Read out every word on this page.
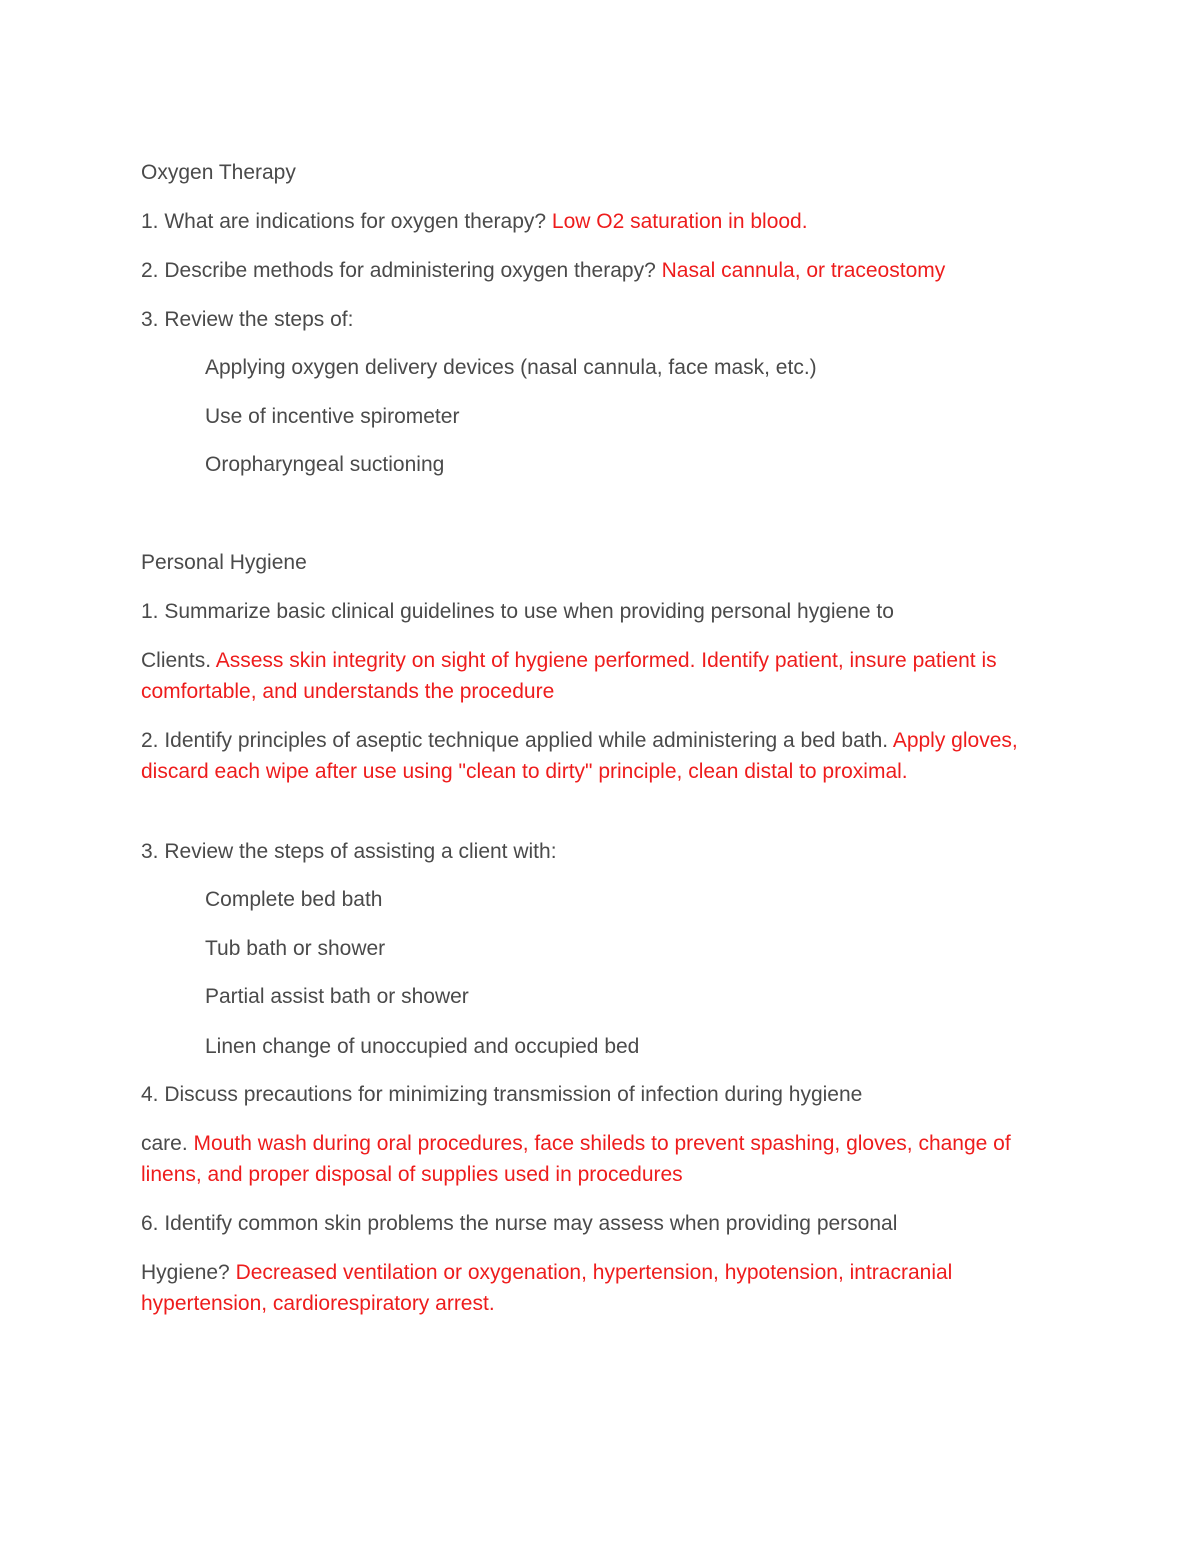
Oxygen Therapy
1. What are indications for oxygen therapy? Low O2 saturation in blood.
2. Describe methods for administering oxygen therapy? Nasal cannula, or traceostomy
3. Review the steps of:
Applying oxygen delivery devices (nasal cannula, face mask, etc.)
Use of incentive spirometer
Oropharyngeal suctioning
Personal Hygiene
1. Summarize basic clinical guidelines to use when providing personal hygiene to
Clients. Assess skin integrity on sight of hygiene performed. Identify patient, insure patient is comfortable, and understands the procedure
2. Identify principles of aseptic technique applied while administering a bed bath. Apply gloves, discard each wipe after use using "clean to dirty" principle, clean distal to proximal.
3. Review the steps of assisting a client with:
Complete bed bath
Tub bath or shower
Partial assist bath or shower
Linen change of unoccupied and occupied bed
4. Discuss precautions for minimizing transmission of infection during hygiene
care. Mouth wash during oral procedures, face shileds to prevent spashing, gloves, change of linens, and proper disposal of supplies used in procedures
6. Identify common skin problems the nurse may assess when providing personal
Hygiene? Decreased ventilation or oxygenation, hypertension, hypotension, intracranial hypertension, cardiorespiratory arrest.
